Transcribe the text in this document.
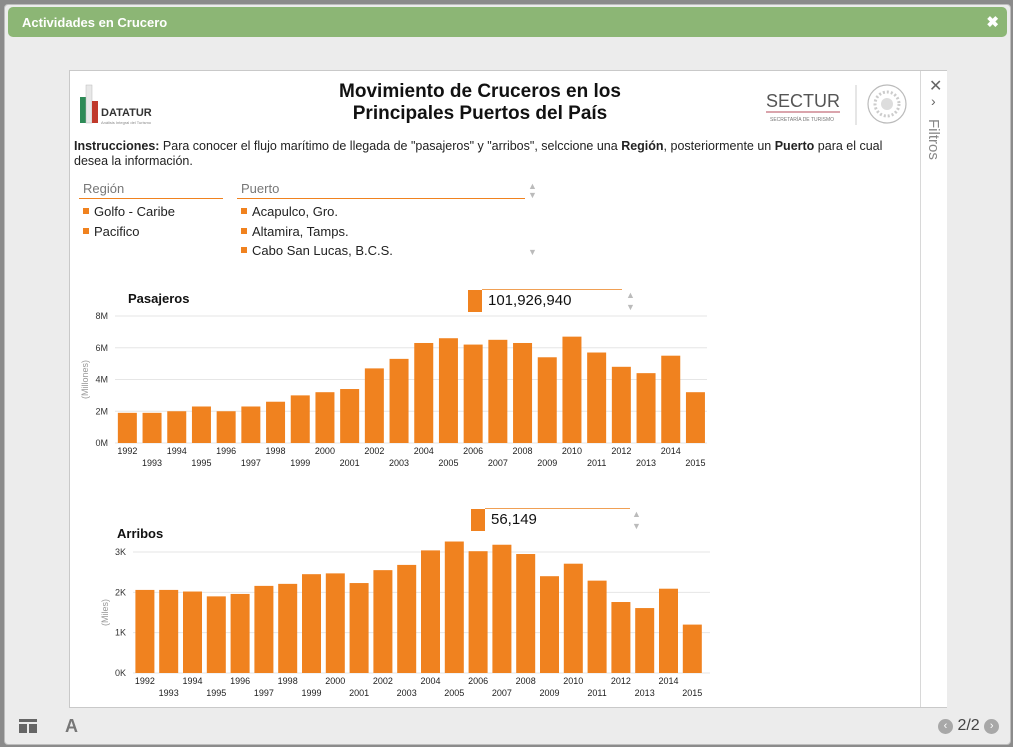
Actividades en Crucero	✖
DATATUR
Análisis Integral del Turismo
Movimiento de Cruceros en los
Principales Puertos del País
SECTUR
SECRETARÍA DE TURISMO
Instrucciones: Para conocer el flujo marítimo de llegada de "pasajeros" y "arribos", selccione una Región, posteriormente un Puerto para el cual desea la información.
Región
Golfo - Caribe
Pacifico
Puerto
Acapulco, Gro.
Altamira, Tamps.
Cabo San Lucas, B.C.S.
▲
▼
▼
Pasajeros	101,926,940	▲
▼
0M
2M
4M
6M
8M
(Millones)
1992
1993
1994
1995
1996
1997
1998
1999
2000
2001
2002
2003
2004
2005
2006
2007
2008
2009
2010
2011
2012
2013
2014
2015
Arribos
56,149	▲
▼
0K
1K
2K
3K
(Miles)
1992
1993
1994
1995
1996
1997
1998
1999
2000
2001
2002
2003
2004
2005
2006
2007
2008
2009
2010
2011
2012
2013
2014
2015
✕
›
Filtros
A	‹ 2/2 ›
